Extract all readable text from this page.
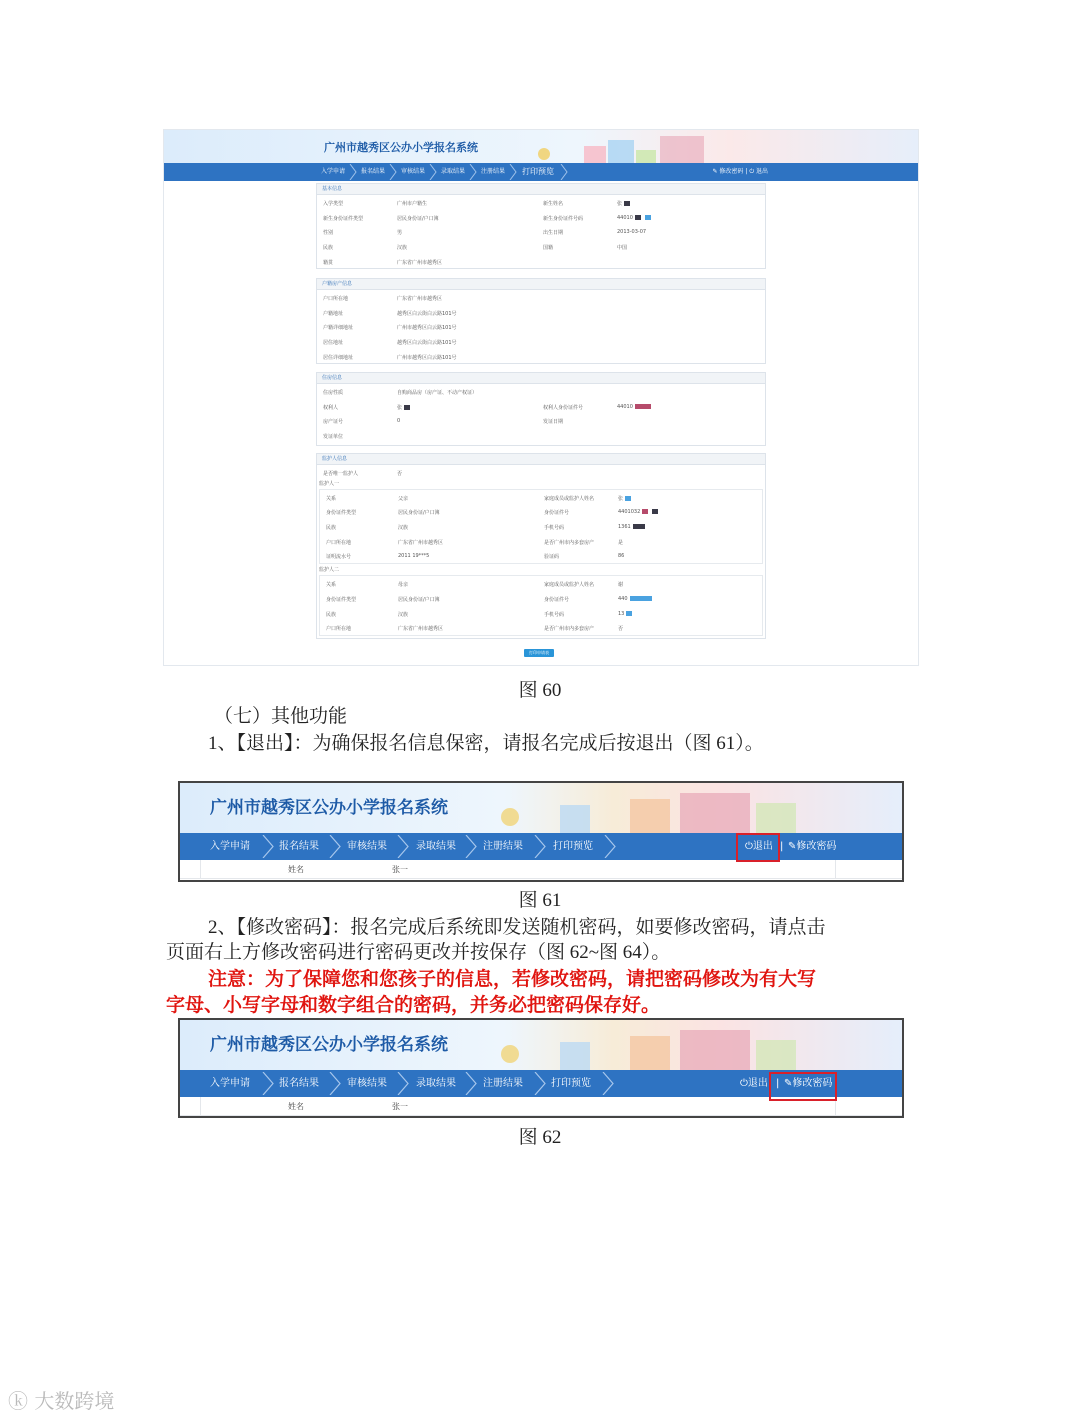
广州市越秀区公办小学报名系统
入学申请	报名结果	审核结果	录取结果	注册结果 打印预览	✎ 修改密码 | ⏻ 退出
基本信息
入学类型	广州市户籍生	新生姓名	张
新生身份证件类型	居民身份证/户口簿	新生身份证件号码	44010
性别	男	出生日期	2013-03-07
民族	汉族	国籍	中国
籍贯	广东省广州市越秀区
户籍房产信息
户口所在地	广东省广州市越秀区
户籍地址	越秀区白云街白云路101号
户籍详细地址	广州市越秀区白云路101号
居住地址	越秀区白云街白云路101号
居住详细地址	广州市越秀区白云路101号
住房信息
住房性质	自购商品房（房产证、不动产权证）
权利人	张	权利人身份证件号	44010
房产证号	0	发证日期
发证单位
监护人信息
是否唯一监护人	否
监护人一
关系	父亲	家庭成员或监护人姓名	张
身份证件类型	居民身份证/户口簿	身份证件号	4401032
民族	汉族	手机号码	1361
户口所在地	广东省广州市越秀区	是否广州市内多套房产	是
证明流水号	2011 19***5	验证码	86
监护人二
关系	母亲	家庭成员或监护人姓名	谢
身份证件类型	居民身份证/户口簿	身份证件号	440
民族	汉族	手机号码	13
户口所在地	广东省广州市越秀区	是否广州市内多套房产	否
打印申请表
图 60
（七）其他功能
1、【退出】：为确保报名信息保密，请报名完成后按退出（图 61）。
广州市越秀区公办小学报名系统
入学申请	报名结果	审核结果	录取结果	注册结果	打印预览	⏻退出 | ✎修改密码
姓名	张一
图 61
2、【修改密码】：报名完成后系统即发送随机密码，如要修改密码，请点击
页面右上方修改密码进行密码更改并按保存（图 62~图 64）。
注意：为了保障您和您孩子的信息，若修改密码，请把密码修改为有大写
字母、小写字母和数字组合的密码，并务必把密码保存好。
广州市越秀区公办小学报名系统
入学申请	报名结果	审核结果	录取结果	注册结果	打印预览	⏻退出 | ✎修改密码
姓名	张一
图 62
ⓚ 大数跨境
